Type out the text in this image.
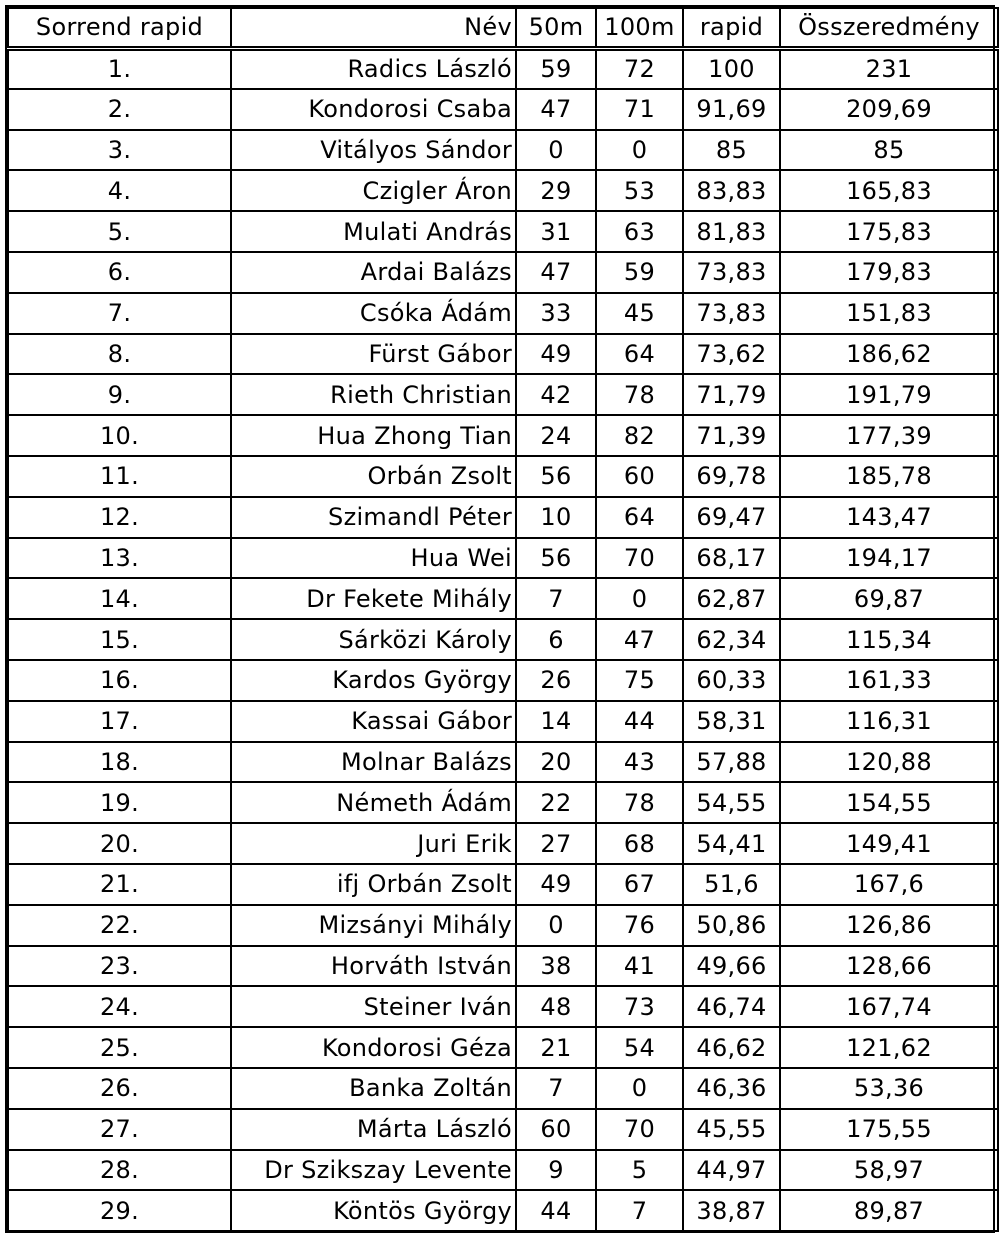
Sorrend rapid	Név	50m	100m	rapid	Összeredmény
1.	Radics László	59	72	100	231
2.	Kondorosi Csaba	47	71	91,69	209,69
3.	Vitályos Sándor	0	0	85	85
4.	Czigler Áron	29	53	83,83	165,83
5.	Mulati András	31	63	81,83	175,83
6.	Ardai Balázs	47	59	73,83	179,83
7.	Csóka Ádám	33	45	73,83	151,83
8.	Fürst Gábor	49	64	73,62	186,62
9.	Rieth Christian	42	78	71,79	191,79
10.	Hua Zhong Tian	24	82	71,39	177,39
11.	Orbán Zsolt	56	60	69,78	185,78
12.	Szimandl Péter	10	64	69,47	143,47
13.	Hua Wei	56	70	68,17	194,17
14.	Dr Fekete Mihály	7	0	62,87	69,87
15.	Sárközi Károly	6	47	62,34	115,34
16.	Kardos György	26	75	60,33	161,33
17.	Kassai Gábor	14	44	58,31	116,31
18.	Molnar Balázs	20	43	57,88	120,88
19.	Németh Ádám	22	78	54,55	154,55
20.	Juri Erik	27	68	54,41	149,41
21.	ifj Orbán Zsolt	49	67	51,6	167,6
22.	Mizsányi Mihály	0	76	50,86	126,86
23.	Horváth István	38	41	49,66	128,66
24.	Steiner Iván	48	73	46,74	167,74
25.	Kondorosi Géza	21	54	46,62	121,62
26.	Banka Zoltán	7	0	46,36	53,36
27.	Márta László	60	70	45,55	175,55
28.	Dr Szikszay Levente	9	5	44,97	58,97
29.	Köntös György	44	7	38,87	89,87
